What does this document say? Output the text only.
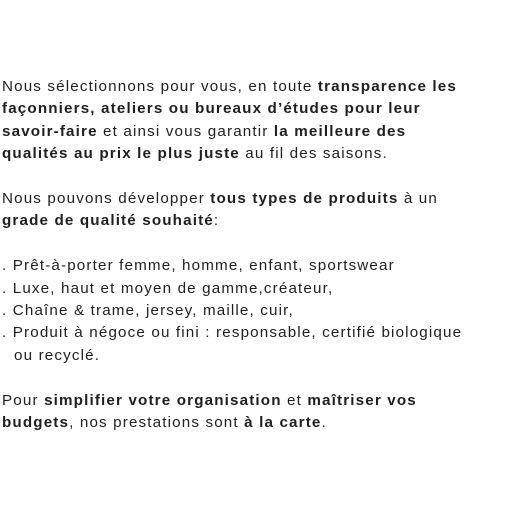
Nous sélectionnons pour vous, en toute transparence les
façonniers, ateliers ou bureaux d’études pour leur
savoir-faire et ainsi vous garantir la meilleure des
qualités au prix le plus juste au fil des saisons.

Nous pouvons développer tous types de produits à un
grade de qualité souhaité:

. Prêt-à-porter femme, homme, enfant, sportswear
. Luxe, haut et moyen de gamme,créateur,
. Chaîne & trame, jersey, maille, cuir,
. Produit à négoce ou fini : responsable, certifié biologique
ou recyclé.

Pour simplifier votre organisation et maîtriser vos
budgets, nos prestations sont à la carte.
